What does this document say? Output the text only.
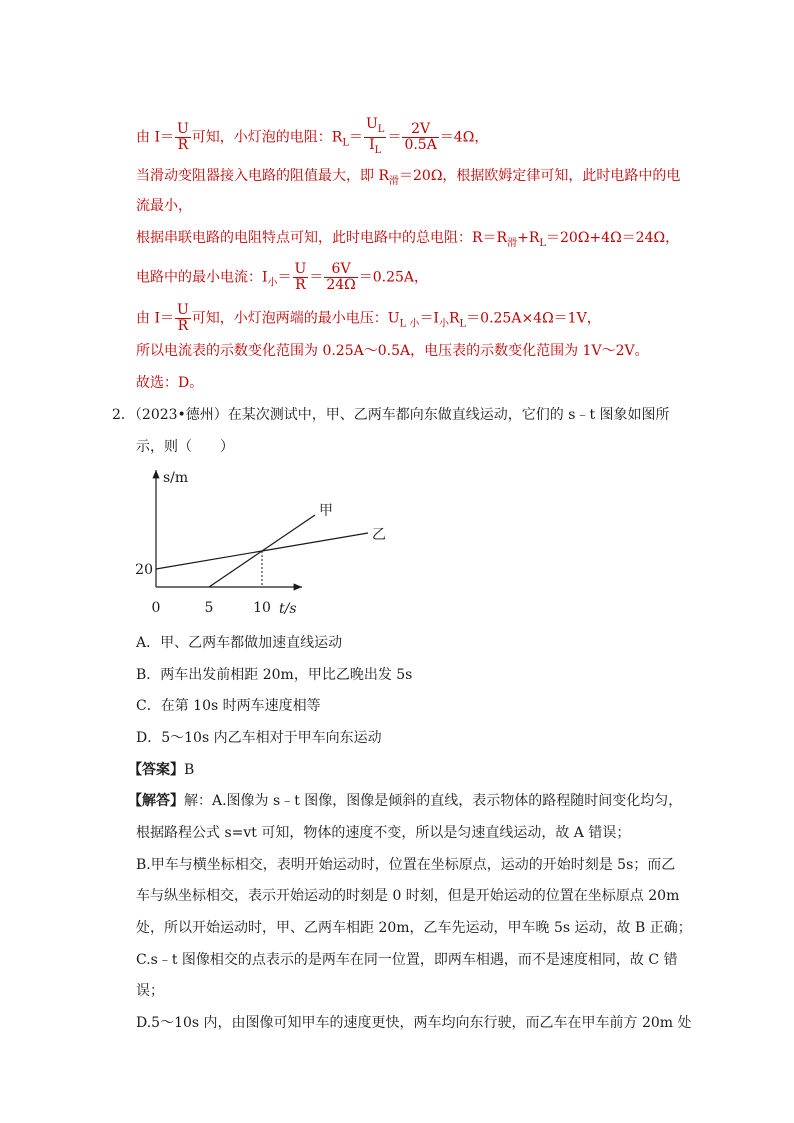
由 $I= \frac{U}{R}$ 可知，小灯泡的电阻：$R_L= \frac{U_L}{I_L} = \frac{2V}{0.5A} =4\Omega$，
当滑动变阻器接入电路的阻值最大，即 $R_滑=20\Omega$，根据欧姆定律可知，此时电路中的电
流最小，
根据串联电路的电阻特点可知，此时电路中的总电阻：$R=R_滑+R_L=20\Omega+4\Omega=24\Omega$，
电路中的最小电流：$I_小= \frac{U}{R} = \frac{6V}{24\Omega} =0.25A$，
由 $I= \frac{U}{R}$ 可知，小灯泡两端的最小电压：$U_{L 小}=I_小R_L=0.25A\times 4\Omega=1V$，
所以电流表的示数变化范围为 0.25A～0.5A，电压表的示数变化范围为 1V～2V。
故选：D。
2．（2023•德州）在某次测试中，甲、乙两车都向东做直线运动，它们的 s﹣t 图象如图所
示，则（　　）
s/m
t/s
0	5	10
20
甲
乙
A．甲、乙两车都做加速直线运动
B．两车出发前相距 20m，甲比乙晚出发 5s
C．在第 10s 时两车速度相等
D．5～10s 内乙车相对于甲车向东运动
【答案】B
【解答】解：A.图像为 s﹣t 图像，图像是倾斜的直线，表示物体的路程随时间变化均匀，
根据路程公式 s=vt 可知，物体的速度不变，所以是匀速直线运动，故 A 错误；
B.甲车与横坐标相交，表明开始运动时，位置在坐标原点，运动的开始时刻是 5s；而乙
车与纵坐标相交，表示开始运动的时刻是 0 时刻，但是开始运动的位置在坐标原点 20m
处，所以开始运动时，甲、乙两车相距 20m，乙车先运动，甲车晚 5s 运动，故 B 正确；
C.s﹣t 图像相交的点表示的是两车在同一位置，即两车相遇，而不是速度相同，故 C 错
误；
D.5～10s 内，由图像可知甲车的速度更快，两车均向东行驶，而乙车在甲车前方 20m 处
